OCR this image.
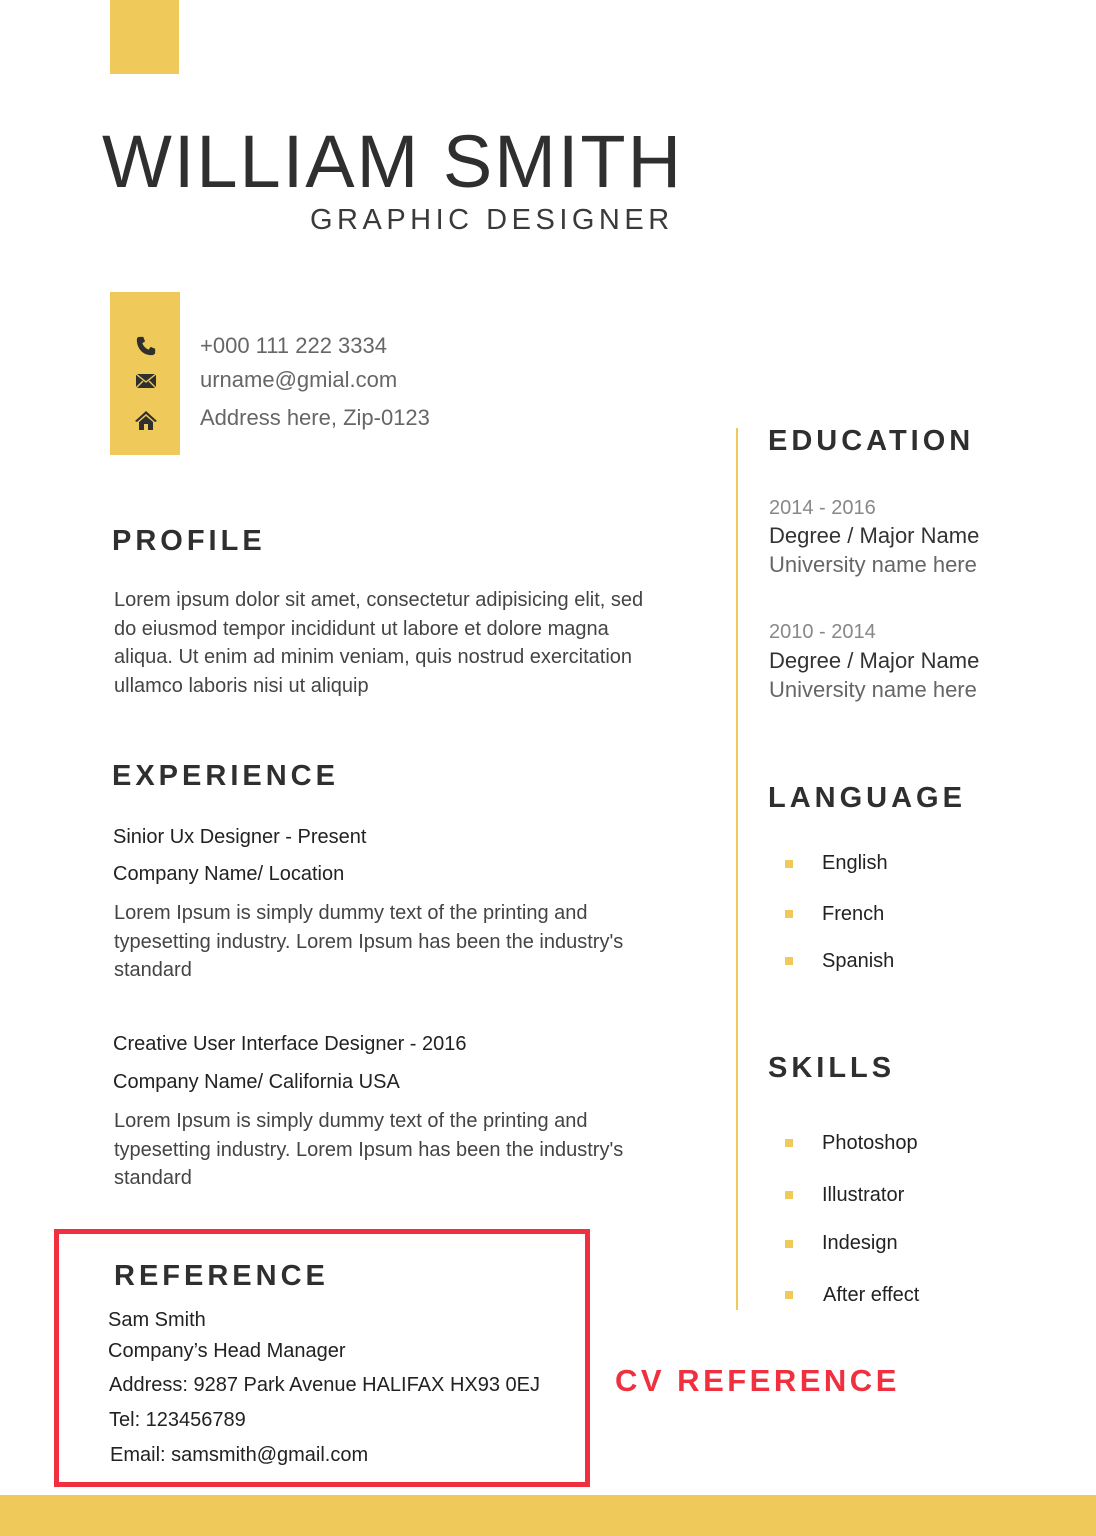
WILLIAM SMITH
GRAPHIC DESIGNER
+000 111 222 3334
urname@gmial.com
Address here, Zip-0123
PROFILE
Lorem ipsum dolor sit amet, consectetur adipisicing elit, sed do eiusmod tempor incididunt ut labore et dolore magna aliqua. Ut enim ad minim veniam, quis nostrud exercitation ullamco laboris nisi ut aliquip
EXPERIENCE
Sinior Ux Designer - Present
Company Name/ Location
Lorem Ipsum is simply dummy text of the printing and typesetting industry. Lorem Ipsum has been the industry's standard
Creative User Interface Designer - 2016
Company Name/ California USA
Lorem Ipsum is simply dummy text of the printing and typesetting industry. Lorem Ipsum has been the industry's standard
REFERENCE
Sam Smith
Company’s Head Manager
Address: 9287 Park Avenue HALIFAX HX93 0EJ
Tel: 123456789
Email: samsmith@gmail.com
CV REFERENCE
EDUCATION
2014 - 2016
Degree / Major Name
University name here
2010 - 2014
Degree / Major Name
University name here
LANGUAGE
English
French
Spanish
SKILLS
Photoshop
Illustrator
Indesign
After effect
